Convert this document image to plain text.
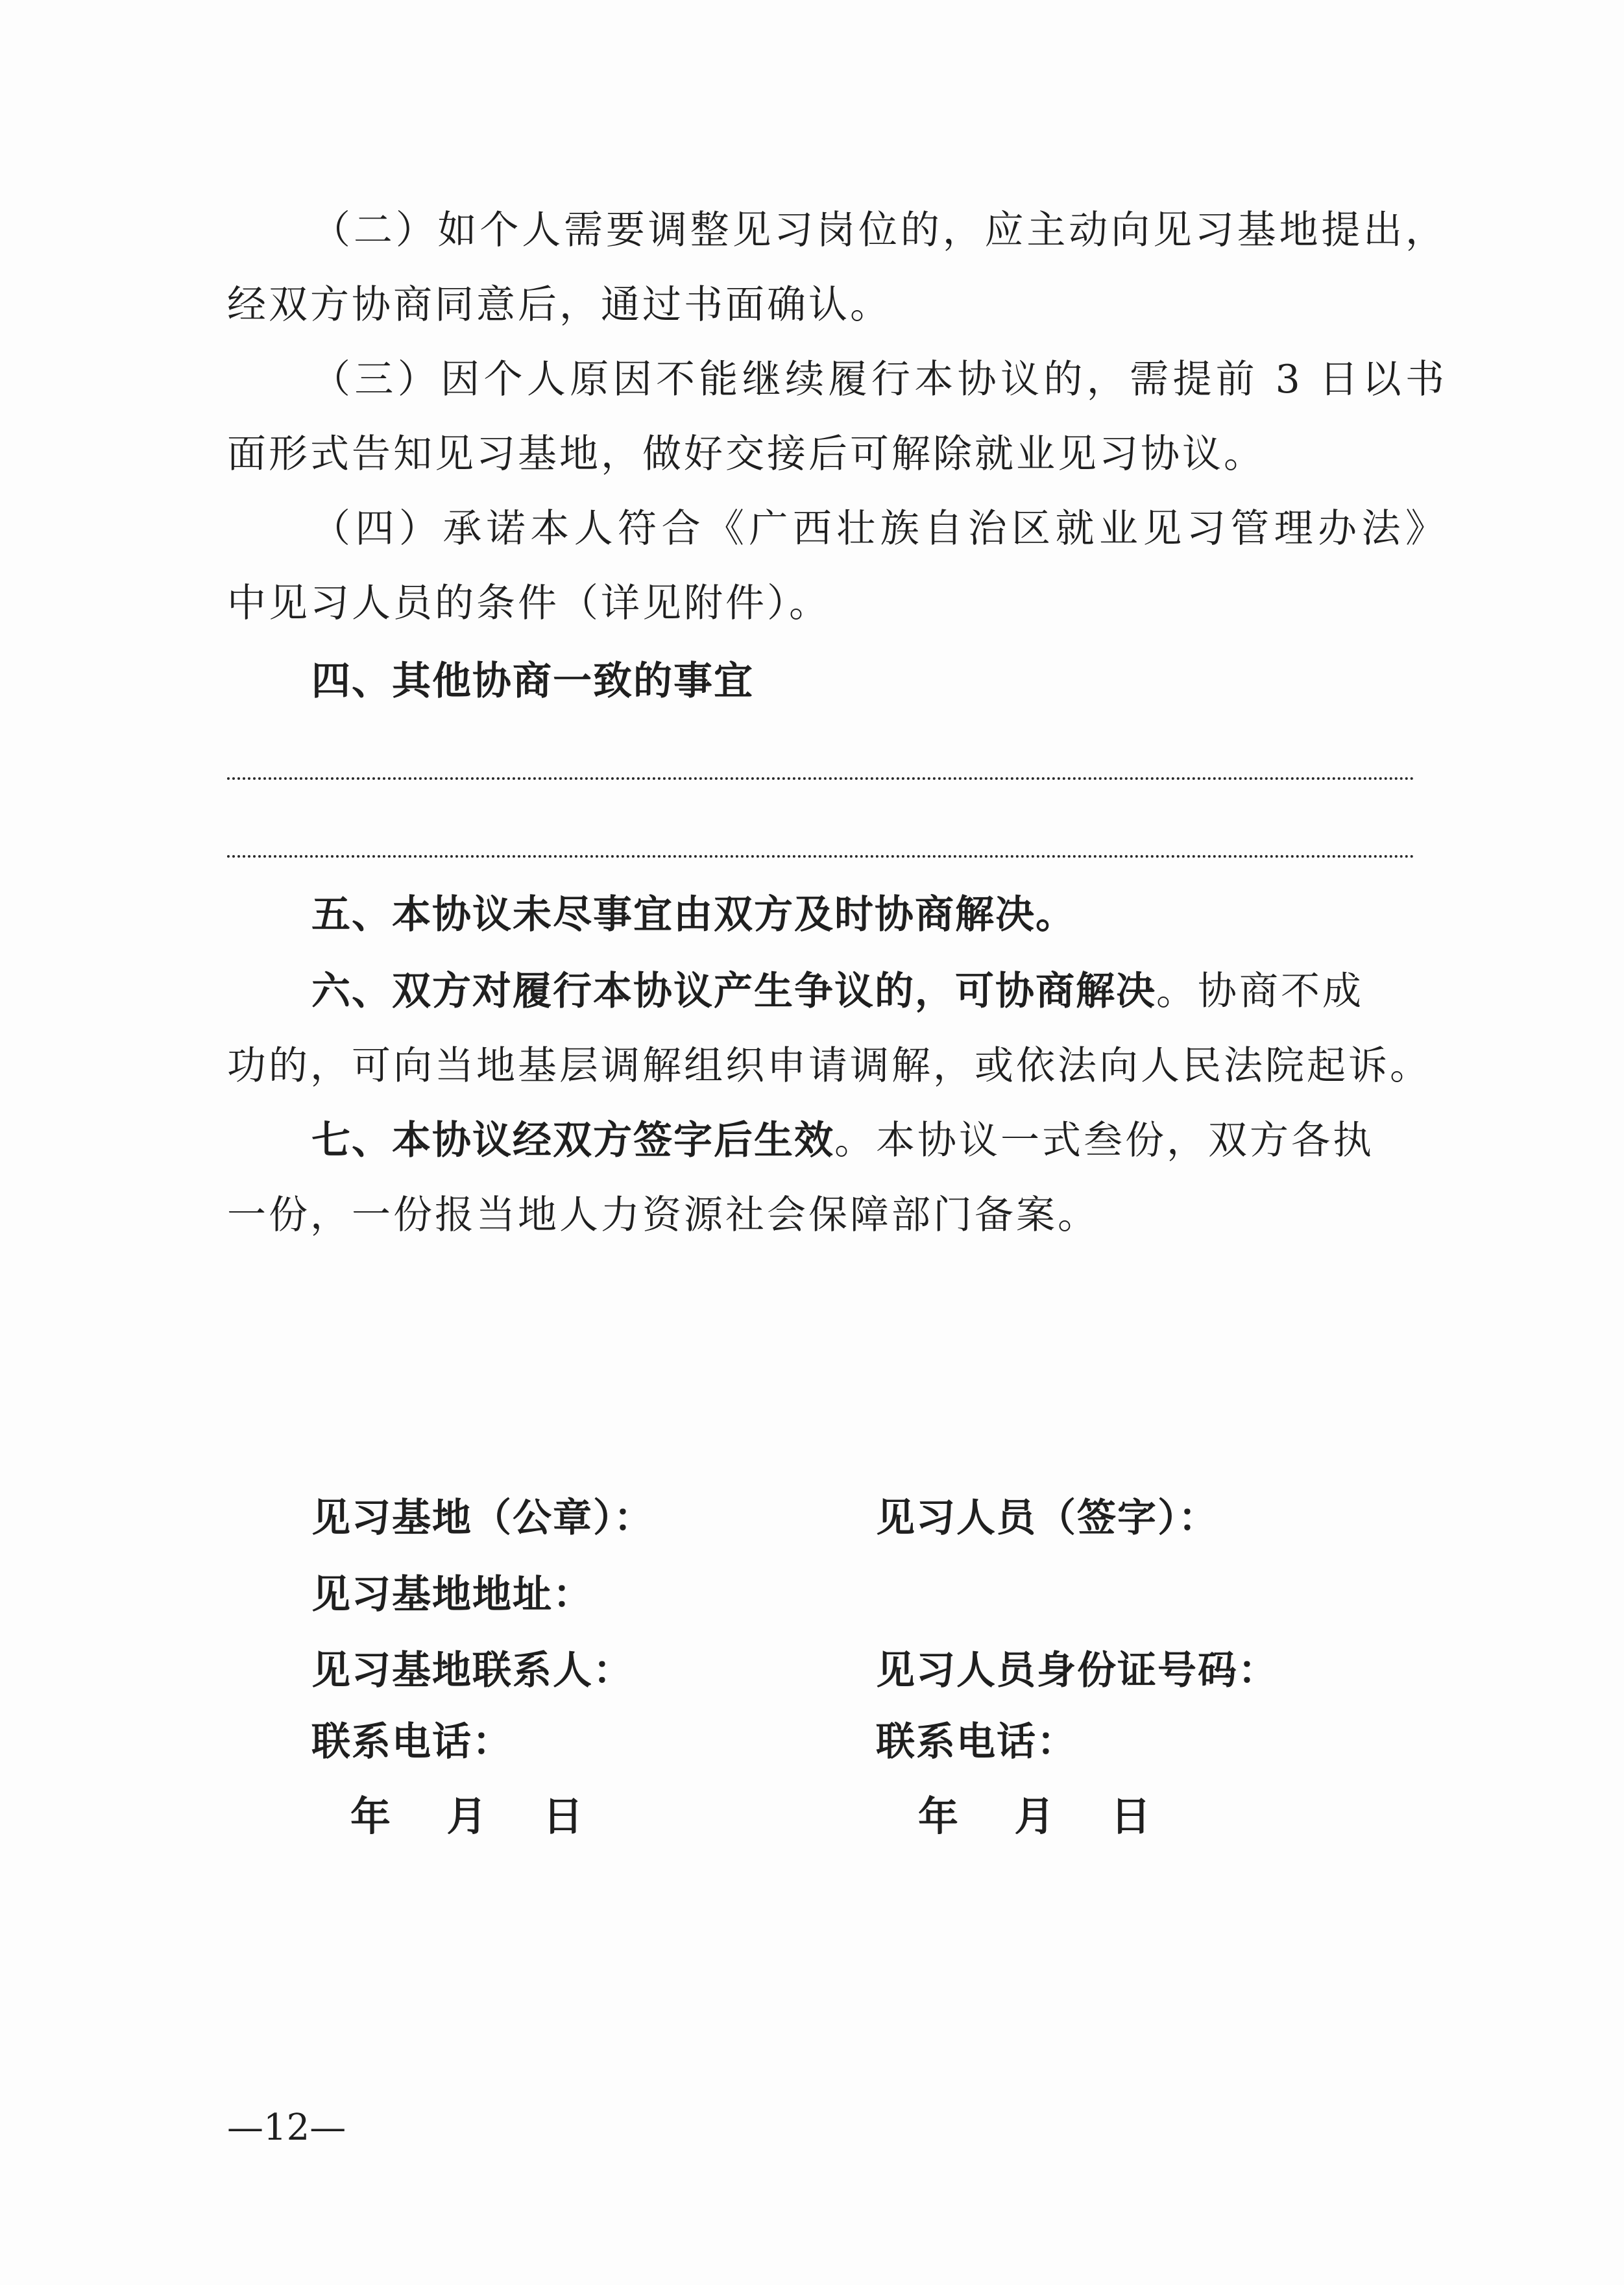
（二）如个人需要调整见习岗位的，应主动向见习基地提出，
经双方协商同意后，通过书面确认。
（三）因个人原因不能继续履行本协议的，需提前 3 日以书
面形式告知见习基地，做好交接后可解除就业见习协议。
（四）承诺本人符合《广西壮族自治区就业见习管理办法》
中见习人员的条件（详见附件）。
四、其他协商一致的事宜
五、本协议未尽事宜由双方及时协商解决。
六、双方对履行本协议产生争议的，可协商解决。协商不成
功的，可向当地基层调解组织申请调解，或依法向人民法院起诉。
七、本协议经双方签字后生效。本协议一式叁份，双方各执
一份，一份报当地人力资源社会保障部门备案。
见习基地（公章）：	见习人员（签字）：
见习基地地址：
见习基地联系人：	见习人员身份证号码：
联系电话：	联系电话：
年    月    日	年    月    日
—12—
